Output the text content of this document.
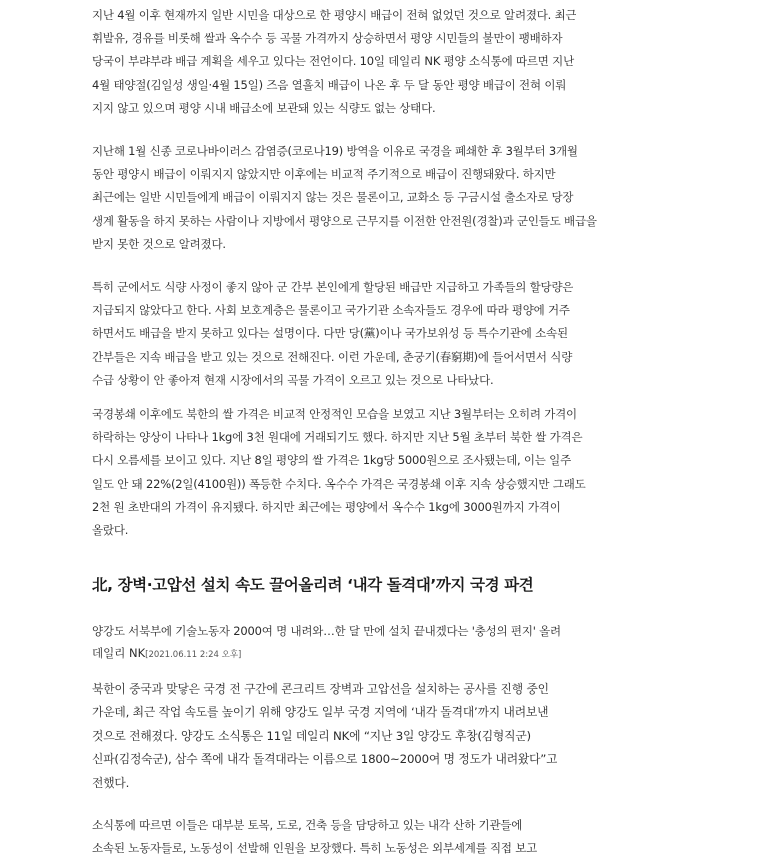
지난 4월 이후 현재까지 일반 시민을 대상으로 한 평양시 배급이 전혀 없었던 것으로 알려졌다. 최근
휘발유, 경유를 비롯해 쌀과 옥수수 등 곡물 가격까지 상승하면서 평양 시민들의 불만이 팽배하자
당국이 부랴부랴 배급 계획을 세우고 있다는 전언이다. 10일 데일리 NK 평양 소식통에 따르면 지난
4월 태양절(김일성 생일·4월 15일) 즈음 열흘치 배급이 나온 후 두 달 동안 평양 배급이 전혀 이뤄
지지 않고 있으며 평양 시내 배급소에 보관돼 있는 식량도 없는 상태다.
지난해 1월 신종 코로나바이러스 감염증(코로나19) 방역을 이유로 국경을 폐쇄한 후 3월부터 3개월
동안 평양시 배급이 이뤄지지 않았지만 이후에는 비교적 주기적으로 배급이 진행돼왔다. 하지만
최근에는 일반 시민들에게 배급이 이뤄지지 않는 것은 물론이고, 교화소 등 구금시설 출소자로 당장
생계 활동을 하지 못하는 사람이나 지방에서 평양으로 근무지를 이전한 안전원(경찰)과 군인들도 배급을
받지 못한 것으로 알려졌다.
특히 군에서도 식량 사정이 좋지 않아 군 간부 본인에게 할당된 배급만 지급하고 가족들의 할당량은
지급되지 않았다고 한다. 사회 보호계층은 물론이고 국가기관 소속자들도 경우에 따라 평양에 거주
하면서도 배급을 받지 못하고 있다는 설명이다. 다만 당(黨)이나 국가보위성 등 특수기관에 소속된
간부들은 지속 배급을 받고 있는 것으로 전해진다. 이런 가운데, 춘궁기(春窮期)에 들어서면서 식량
수급 상황이 안 좋아져 현재 시장에서의 곡물 가격이 오르고 있는 것으로 나타났다.
국경봉쇄 이후에도 북한의 쌀 가격은 비교적 안정적인 모습을 보였고 지난 3월부터는 오히려 가격이
하락하는 양상이 나타나 1kg에 3천 원대에 거래되기도 했다. 하지만 지난 5월 초부터 북한 쌀 가격은
다시 오름세를 보이고 있다. 지난 8일 평양의 쌀 가격은 1kg당 5000원으로 조사됐는데, 이는 일주
일도 안 돼 22%(2일(4100원)) 폭등한 수치다. 옥수수 가격은 국경봉쇄 이후 지속 상승했지만 그래도
2천 원 초반대의 가격이 유지됐다. 하지만 최근에는 평양에서 옥수수 1kg에 3000원까지 가격이
올랐다.
北, 장벽·고압선 설치 속도 끌어올리려 ‘내각 돌격대’까지 국경 파견
양강도 서북부에 기술노동자 2000여 명 내려와…한 달 만에 설치 끝내겠다는 '충성의 편지' 올려
데일리 NK[2021.06.11 2:24 오후]
북한이 중국과 맞닿은 국경 전 구간에 콘크리트 장벽과 고압선을 설치하는 공사를 진행 중인
가운데, 최근 작업 속도를 높이기 위해 양강도 일부 국경 지역에 ‘내각 돌격대’까지 내려보낸
것으로 전해졌다. 양강도 소식통은 11일 데일리 NK에 “지난 3일 양강도 후창(김형직군)
신파(김정숙군), 삼수 쪽에 내각 돌격대라는 이름으로 1800~2000여 명 정도가 내려왔다”고
전했다.
소식통에 따르면 이들은 대부분 토목, 도로, 건축 등을 담당하고 있는 내각 산하 기관들에
소속된 노동자들로, 노동성이 선발해 인원을 보장했다. 특히 노동성은 외부세계를 직접 보고
